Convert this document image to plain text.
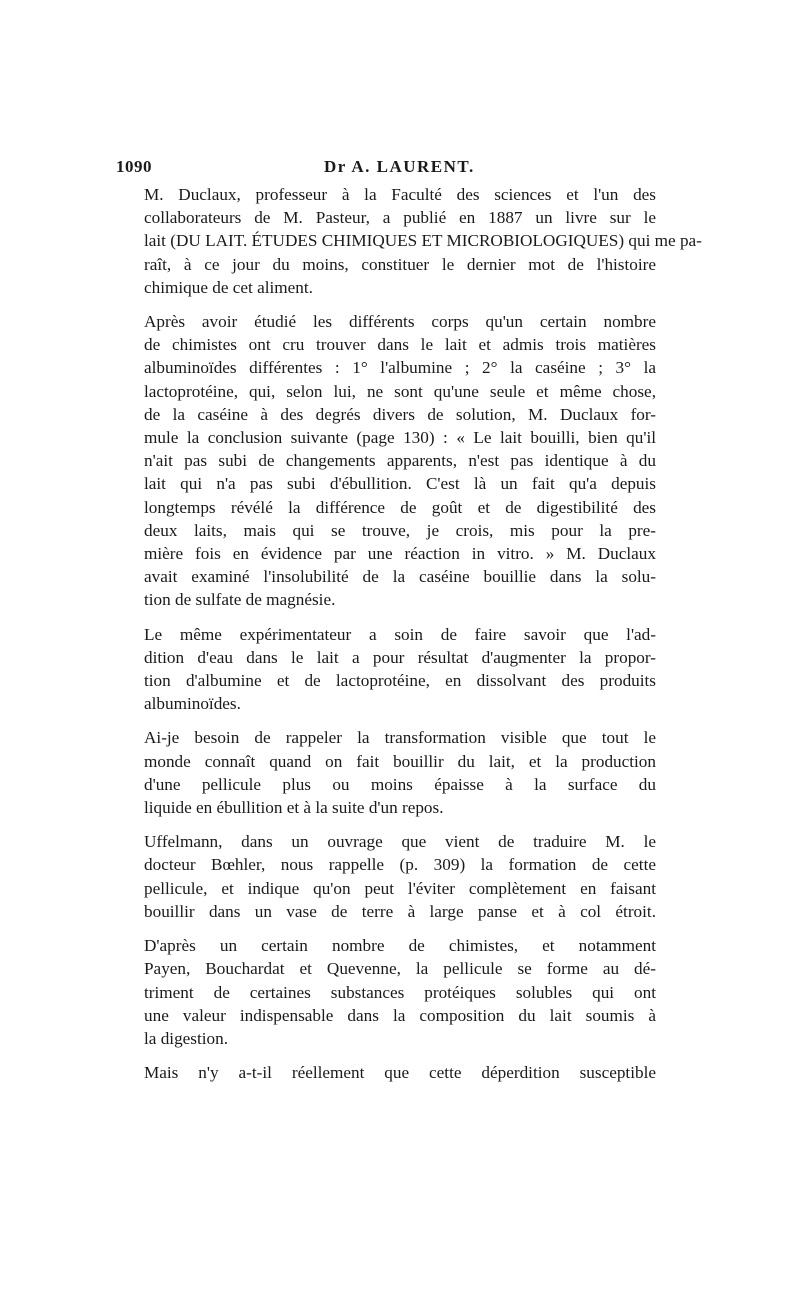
1090	Dr A. LAURENT.

M. Duclaux, professeur à la Faculté des sciences et l'un des
collaborateurs de M. Pasteur, a publié en 1887 un livre sur le
lait (DU LAIT. ÉTUDES CHIMIQUES ET MICROBIOLOGIQUES) qui me pa-
raît, à ce jour du moins, constituer le dernier mot de l'histoire
chimique de cet aliment.

Après avoir étudié les différents corps qu'un certain nombre
de chimistes ont cru trouver dans le lait et admis trois matières
albuminoïdes différentes : 1° l'albumine ; 2° la caséine ; 3° la
lactoprotéine, qui, selon lui, ne sont qu'une seule et même chose,
de la caséine à des degrés divers de solution, M. Duclaux for-
mule la conclusion suivante (page 130) : « Le lait bouilli, bien qu'il
n'ait pas subi de changements apparents, n'est pas identique à du
lait qui n'a pas subi d'ébullition. C'est là un fait qu'a depuis
longtemps révélé la différence de goût et de digestibilité des
deux laits, mais qui se trouve, je crois, mis pour la pre-
mière fois en évidence par une réaction in vitro. » M. Duclaux
avait examiné l'insolubilité de la caséine bouillie dans la solu-
tion de sulfate de magnésie.

Le même expérimentateur a soin de faire savoir que l'ad-
dition d'eau dans le lait a pour résultat d'augmenter la propor-
tion d'albumine et de lactoprotéine, en dissolvant des produits
albuminoïdes.

Ai-je besoin de rappeler la transformation visible que tout le
monde connaît quand on fait bouillir du lait, et la production
d'une pellicule plus ou moins épaisse à la surface du
liquide en ébullition et à la suite d'un repos.

Uffelmann, dans un ouvrage que vient de traduire M. le
docteur Bœhler, nous rappelle (p. 309) la formation de cette
pellicule, et indique qu'on peut l'éviter complètement en faisant
bouillir dans un vase de terre à large panse et à col étroit.

D'après un certain nombre de chimistes, et notamment
Payen, Bouchardat et Quevenne, la pellicule se forme au dé-
triment de certaines substances protéiques solubles qui ont
une valeur indispensable dans la composition du lait soumis à
la digestion.

Mais n'y a-t-il réellement que cette déperdition susceptible
